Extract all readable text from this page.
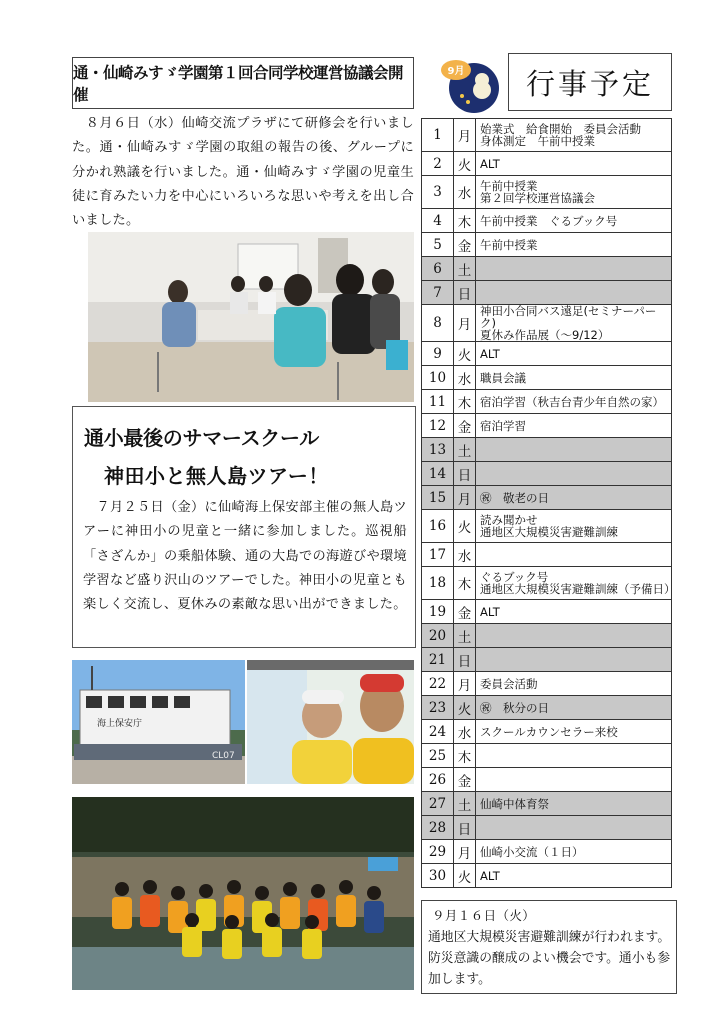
通・仙崎みすゞ学園第１回合同学校運営協議会開催

　８月６日（水）仙崎交流プラザにて研修会を行いました。通・仙崎みすゞ学園の取組の報告の後、グループに分かれ熟議を行いました。通・仙崎みすゞ学園の児童生徒に育みたい力を中心にいろいろな思いや考えを出し合いました。

通小最後のサマースクール
神田小と無人島ツアー！

　７月２５日（金）に仙崎海上保安部主催の無人島ツアーに神田小の児童と一緒に参加しました。巡視船「さざんか」の乗船体験、通の大島での海遊びや環境学習など盛り沢山のツアーでした。神田小の児童とも楽しく交流し、夏休みの素敵な思い出ができました。

海上保安庁
CL07
9月 行事予定
1	月	始業式　給食開始　委員会活動
身体測定　午前中授業

2	火	ALT

3	水	午前中授業
第２回学校運営協議会

4	木	午前中授業　ぐるブック号

5	金	午前中授業

6	土	
7	日	
8	月	神田小合同バス遠足(セミナーパーク)
夏休み作品展（～9/12）

9	火	ALT

10	水	職員会議

11	木	宿泊学習（秋吉台青少年自然の家）

12	金	宿泊学習

13	土	
14	日	
15	月	㊗　敬老の日

16	火	読み聞かせ
通地区大規模災害避難訓練

17	水	
18	木	ぐるブック号
通地区大規模災害避難訓練（予備日）

19	金	ALT

20	土	
21	日	
22	月	委員会活動

23	火	㊗　秋分の日

24	水	スクールカウンセラー来校

25	木	
26	金	
27	土	仙崎中体育祭

28	日	
29	月	仙崎小交流（１日）

30	火	ALT
９月１６日（火）

通地区大規模災害避難訓練が行われます。防災意識の醸成のよい機会です。通小も参加します。
